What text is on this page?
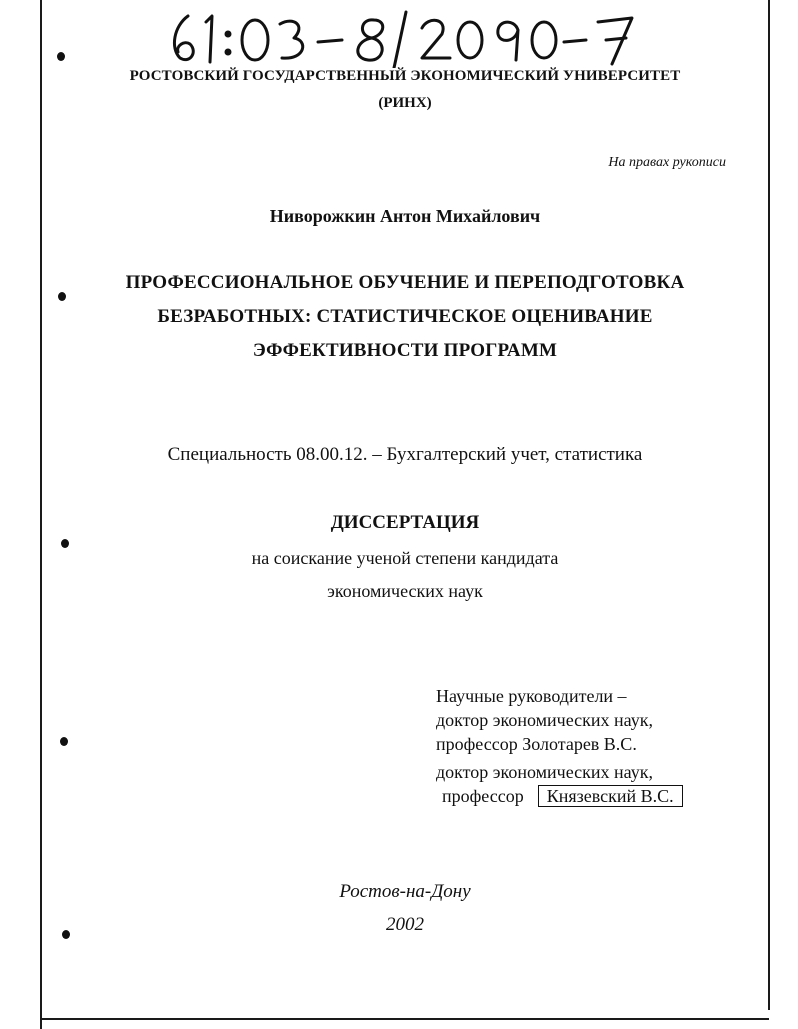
РОСТОВСКИЙ ГОСУДАРСТВЕННЫЙ ЭКОНОМИЧЕСКИЙ УНИВЕРСИТЕТ
(РИНХ)
На правах рукописи
Ниворожкин Антон Михайлович
ПРОФЕССИОНАЛЬНОЕ ОБУЧЕНИЕ И ПЕРЕПОДГОТОВКА
БЕЗРАБОТНЫХ: СТАТИСТИЧЕСКОЕ ОЦЕНИВАНИЕ
ЭФФЕКТИВНОСТИ ПРОГРАММ
Специальность 08.00.12. – Бухгалтерский учет, статистика
ДИССЕРТАЦИЯ
на соискание ученой степени кандидата
экономических наук
Научные руководители –
доктор экономических наук,
профессор Золотарев В.С.
доктор экономических наук,
профессор Князевский В.С.
Ростов-на-Дону
2002
